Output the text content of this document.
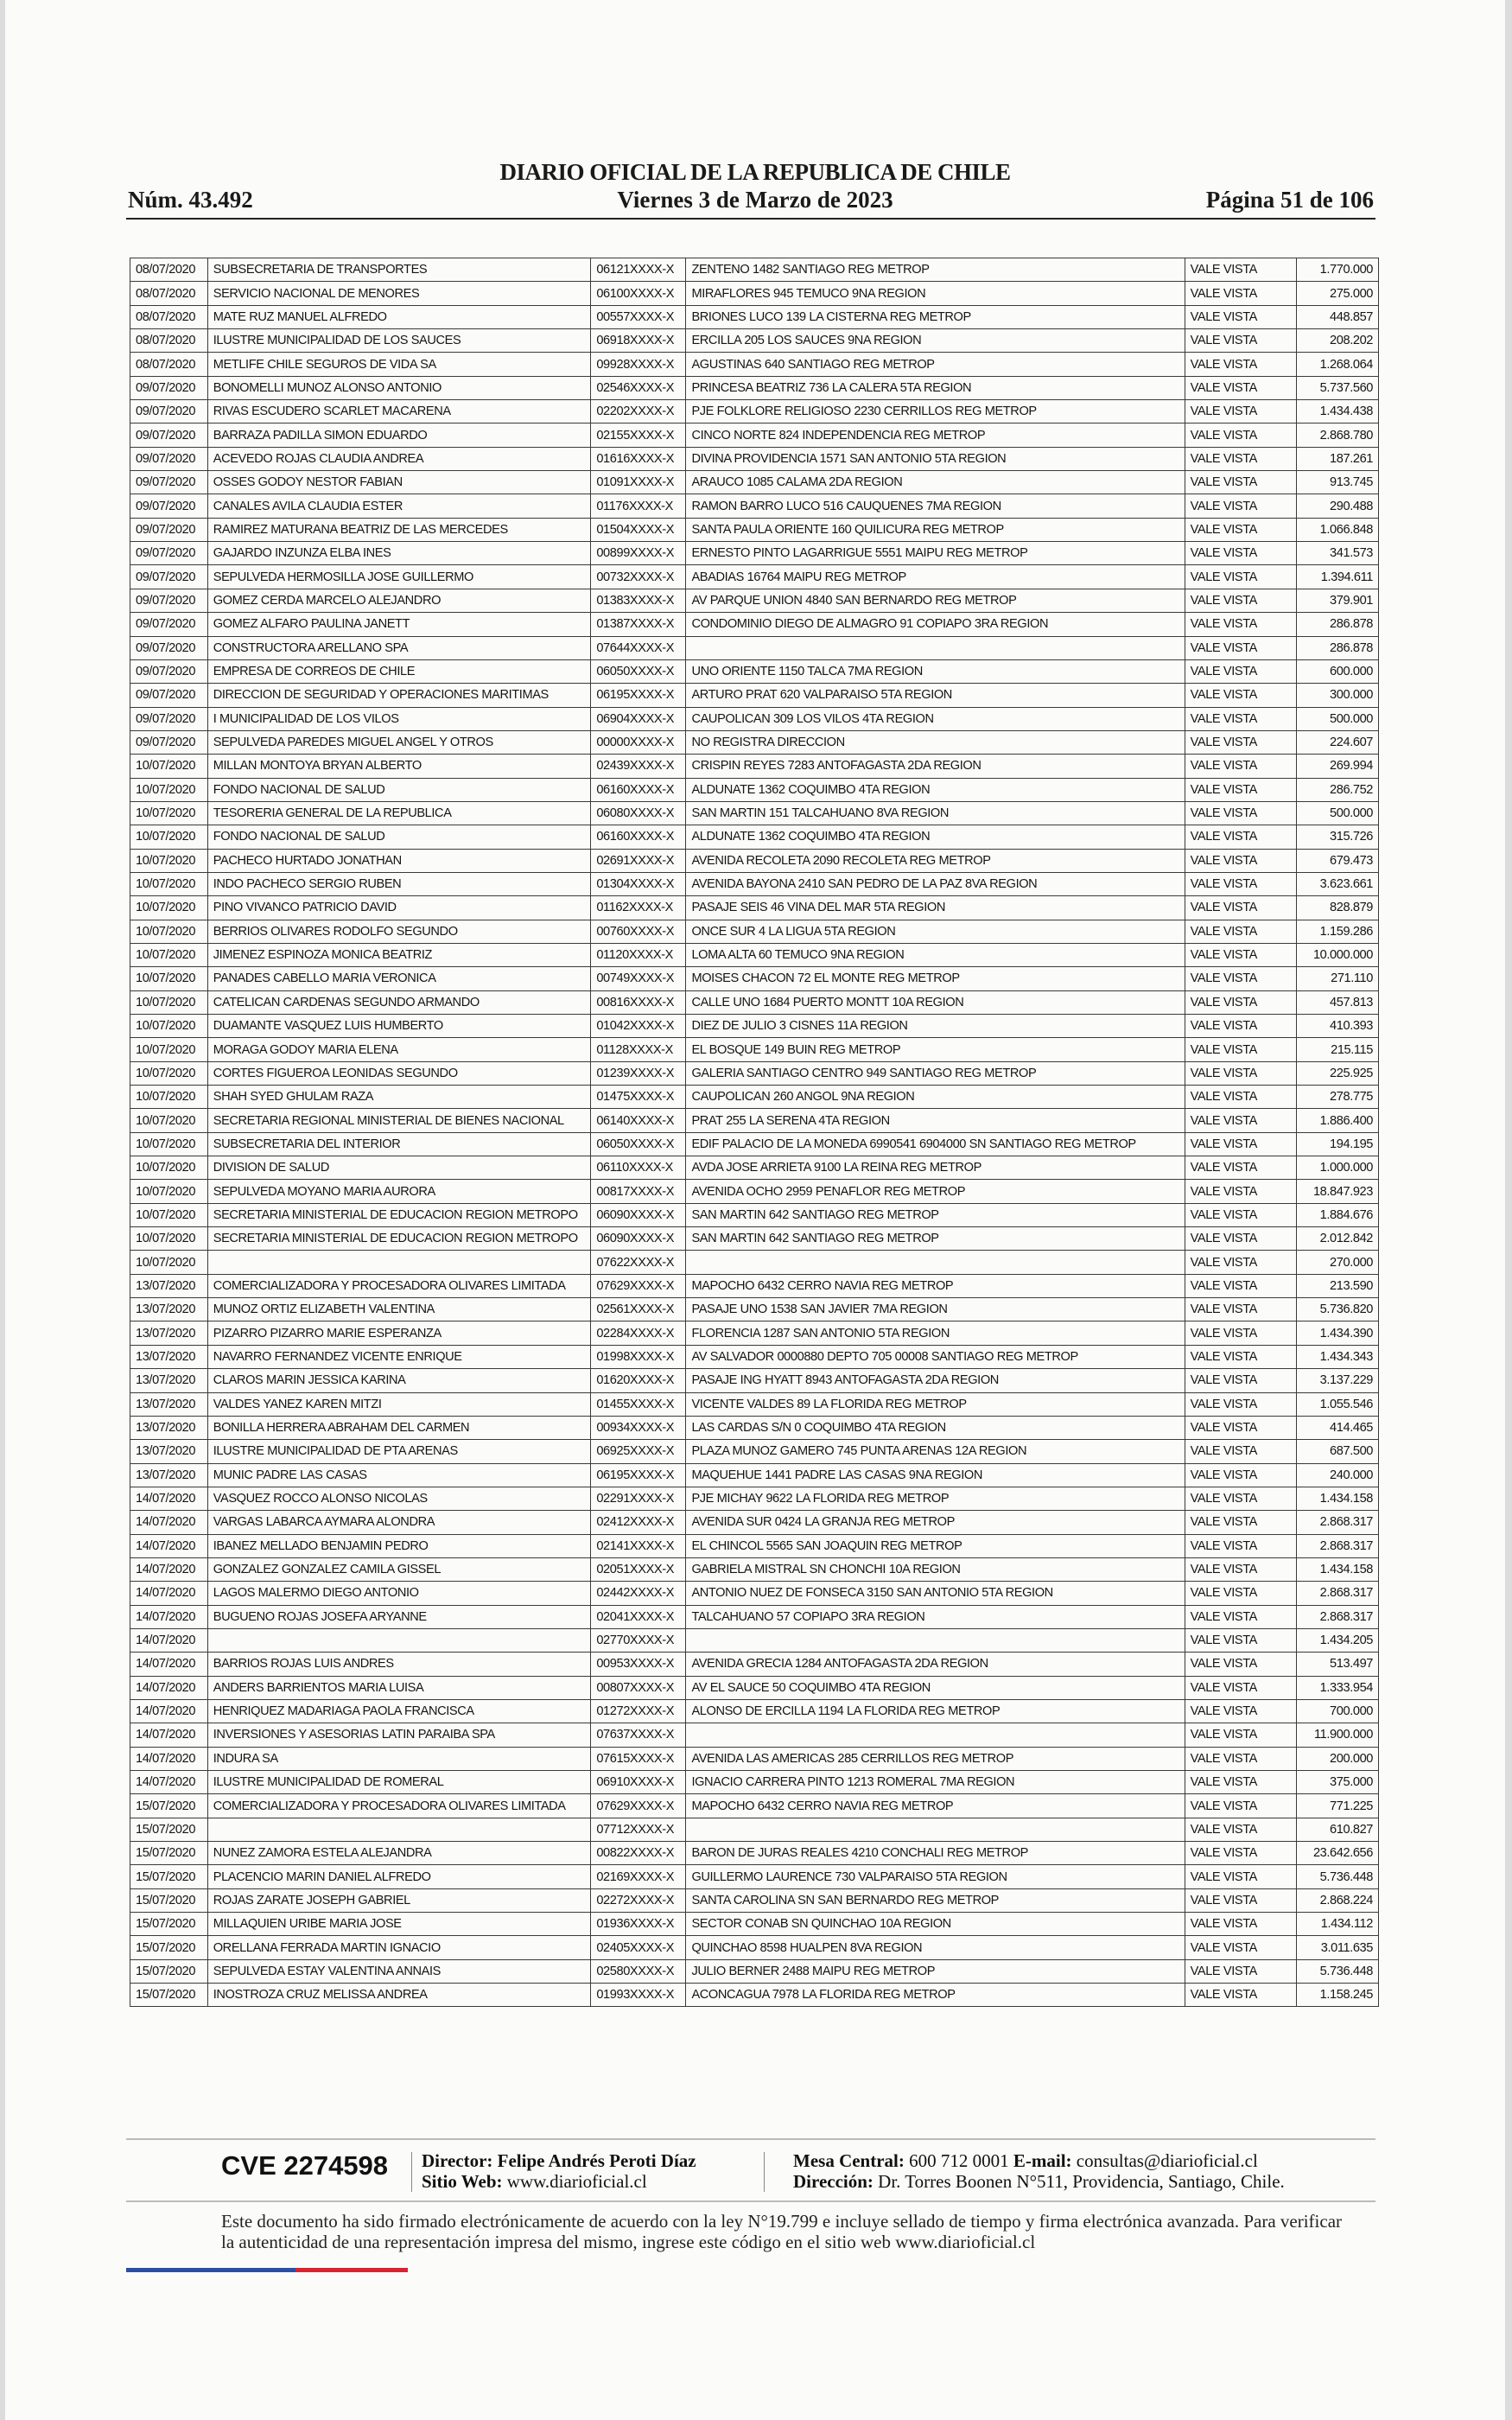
DIARIO OFICIAL DE LA REPUBLICA DE CHILE
Núm. 43.492	Viernes 3 de Marzo de 2023	Página 51 de 106
08/07/2020	SUBSECRETARIA DE TRANSPORTES	06121XXXX-X	ZENTENO 1482 SANTIAGO REG METROP	VALE VISTA	1.770.000
08/07/2020	SERVICIO NACIONAL DE MENORES	06100XXXX-X	MIRAFLORES 945 TEMUCO 9NA REGION	VALE VISTA	275.000
08/07/2020	MATE RUZ MANUEL ALFREDO	00557XXXX-X	BRIONES LUCO 139 LA CISTERNA REG METROP	VALE VISTA	448.857
08/07/2020	ILUSTRE MUNICIPALIDAD DE LOS SAUCES	06918XXXX-X	ERCILLA 205 LOS SAUCES 9NA REGION	VALE VISTA	208.202
08/07/2020	METLIFE CHILE SEGUROS DE VIDA SA	09928XXXX-X	AGUSTINAS 640 SANTIAGO REG METROP	VALE VISTA	1.268.064
09/07/2020	BONOMELLI MUNOZ ALONSO ANTONIO	02546XXXX-X	PRINCESA BEATRIZ 736 LA CALERA 5TA REGION	VALE VISTA	5.737.560
09/07/2020	RIVAS ESCUDERO SCARLET MACARENA	02202XXXX-X	PJE FOLKLORE RELIGIOSO 2230 CERRILLOS REG METROP	VALE VISTA	1.434.438
09/07/2020	BARRAZA PADILLA SIMON EDUARDO	02155XXXX-X	CINCO NORTE 824 INDEPENDENCIA REG METROP	VALE VISTA	2.868.780
09/07/2020	ACEVEDO ROJAS CLAUDIA ANDREA	01616XXXX-X	DIVINA PROVIDENCIA 1571 SAN ANTONIO 5TA REGION	VALE VISTA	187.261
09/07/2020	OSSES GODOY NESTOR FABIAN	01091XXXX-X	ARAUCO 1085 CALAMA 2DA REGION	VALE VISTA	913.745
09/07/2020	CANALES AVILA CLAUDIA ESTER	01176XXXX-X	RAMON BARRO LUCO 516 CAUQUENES 7MA REGION	VALE VISTA	290.488
09/07/2020	RAMIREZ MATURANA BEATRIZ DE LAS MERCEDES	01504XXXX-X	SANTA PAULA ORIENTE 160 QUILICURA REG METROP	VALE VISTA	1.066.848
09/07/2020	GAJARDO INZUNZA ELBA INES	00899XXXX-X	ERNESTO PINTO LAGARRIGUE 5551 MAIPU REG METROP	VALE VISTA	341.573
09/07/2020	SEPULVEDA HERMOSILLA JOSE GUILLERMO	00732XXXX-X	ABADIAS 16764 MAIPU REG METROP	VALE VISTA	1.394.611
09/07/2020	GOMEZ CERDA MARCELO ALEJANDRO	01383XXXX-X	AV PARQUE UNION 4840 SAN BERNARDO REG METROP	VALE VISTA	379.901
09/07/2020	GOMEZ ALFARO PAULINA JANETT	01387XXXX-X	CONDOMINIO DIEGO DE ALMAGRO 91 COPIAPO 3RA REGION	VALE VISTA	286.878
09/07/2020	CONSTRUCTORA ARELLANO SPA	07644XXXX-X		VALE VISTA	286.878
09/07/2020	EMPRESA DE CORREOS DE CHILE	06050XXXX-X	UNO ORIENTE 1150 TALCA 7MA REGION	VALE VISTA	600.000
09/07/2020	DIRECCION DE SEGURIDAD Y OPERACIONES MARITIMAS	06195XXXX-X	ARTURO PRAT 620 VALPARAISO 5TA REGION	VALE VISTA	300.000
09/07/2020	I MUNICIPALIDAD DE LOS VILOS	06904XXXX-X	CAUPOLICAN 309 LOS VILOS 4TA REGION	VALE VISTA	500.000
09/07/2020	SEPULVEDA PAREDES MIGUEL ANGEL Y OTROS	00000XXXX-X	NO REGISTRA DIRECCION	VALE VISTA	224.607
10/07/2020	MILLAN MONTOYA BRYAN ALBERTO	02439XXXX-X	CRISPIN REYES 7283 ANTOFAGASTA 2DA REGION	VALE VISTA	269.994
10/07/2020	FONDO NACIONAL DE SALUD	06160XXXX-X	ALDUNATE 1362 COQUIMBO 4TA REGION	VALE VISTA	286.752
10/07/2020	TESORERIA GENERAL DE LA REPUBLICA	06080XXXX-X	SAN MARTIN 151 TALCAHUANO 8VA REGION	VALE VISTA	500.000
10/07/2020	FONDO NACIONAL DE SALUD	06160XXXX-X	ALDUNATE 1362 COQUIMBO 4TA REGION	VALE VISTA	315.726
10/07/2020	PACHECO HURTADO JONATHAN	02691XXXX-X	AVENIDA RECOLETA 2090 RECOLETA REG METROP	VALE VISTA	679.473
10/07/2020	INDO PACHECO SERGIO RUBEN	01304XXXX-X	AVENIDA BAYONA 2410 SAN PEDRO DE LA PAZ 8VA REGION	VALE VISTA	3.623.661
10/07/2020	PINO VIVANCO PATRICIO DAVID	01162XXXX-X	PASAJE SEIS 46 VINA DEL MAR 5TA REGION	VALE VISTA	828.879
10/07/2020	BERRIOS OLIVARES RODOLFO SEGUNDO	00760XXXX-X	ONCE SUR 4 LA LIGUA 5TA REGION	VALE VISTA	1.159.286
10/07/2020	JIMENEZ ESPINOZA MONICA BEATRIZ	01120XXXX-X	LOMA ALTA 60 TEMUCO 9NA REGION	VALE VISTA	10.000.000
10/07/2020	PANADES CABELLO MARIA VERONICA	00749XXXX-X	MOISES CHACON 72 EL MONTE REG METROP	VALE VISTA	271.110
10/07/2020	CATELICAN CARDENAS SEGUNDO ARMANDO	00816XXXX-X	CALLE UNO 1684 PUERTO MONTT 10A REGION	VALE VISTA	457.813
10/07/2020	DUAMANTE VASQUEZ LUIS HUMBERTO	01042XXXX-X	DIEZ DE JULIO 3 CISNES 11A REGION	VALE VISTA	410.393
10/07/2020	MORAGA GODOY MARIA ELENA	01128XXXX-X	EL BOSQUE 149 BUIN REG METROP	VALE VISTA	215.115
10/07/2020	CORTES FIGUEROA LEONIDAS SEGUNDO	01239XXXX-X	GALERIA SANTIAGO CENTRO 949 SANTIAGO REG METROP	VALE VISTA	225.925
10/07/2020	SHAH SYED GHULAM RAZA	01475XXXX-X	CAUPOLICAN 260 ANGOL 9NA REGION	VALE VISTA	278.775
10/07/2020	SECRETARIA REGIONAL MINISTERIAL DE BIENES NACIONAL	06140XXXX-X	PRAT 255 LA SERENA 4TA REGION	VALE VISTA	1.886.400
10/07/2020	SUBSECRETARIA DEL INTERIOR	06050XXXX-X	EDIF PALACIO DE LA MONEDA 6990541 6904000 SN SANTIAGO REG METROP	VALE VISTA	194.195
10/07/2020	DIVISION DE SALUD	06110XXXX-X	AVDA JOSE ARRIETA 9100 LA REINA REG METROP	VALE VISTA	1.000.000
10/07/2020	SEPULVEDA MOYANO MARIA AURORA	00817XXXX-X	AVENIDA OCHO 2959 PENAFLOR REG METROP	VALE VISTA	18.847.923
10/07/2020	SECRETARIA MINISTERIAL DE EDUCACION REGION METROPO	06090XXXX-X	SAN MARTIN 642 SANTIAGO REG METROP	VALE VISTA	1.884.676
10/07/2020	SECRETARIA MINISTERIAL DE EDUCACION REGION METROPO	06090XXXX-X	SAN MARTIN 642 SANTIAGO REG METROP	VALE VISTA	2.012.842
10/07/2020		07622XXXX-X		VALE VISTA	270.000
13/07/2020	COMERCIALIZADORA Y PROCESADORA OLIVARES LIMITADA	07629XXXX-X	MAPOCHO 6432 CERRO NAVIA REG METROP	VALE VISTA	213.590
13/07/2020	MUNOZ ORTIZ ELIZABETH VALENTINA	02561XXXX-X	PASAJE UNO 1538 SAN JAVIER 7MA REGION	VALE VISTA	5.736.820
13/07/2020	PIZARRO PIZARRO MARIE ESPERANZA	02284XXXX-X	FLORENCIA 1287 SAN ANTONIO 5TA REGION	VALE VISTA	1.434.390
13/07/2020	NAVARRO FERNANDEZ VICENTE ENRIQUE	01998XXXX-X	AV SALVADOR 0000880 DEPTO 705 00008 SANTIAGO REG METROP	VALE VISTA	1.434.343
13/07/2020	CLAROS MARIN JESSICA KARINA	01620XXXX-X	PASAJE ING HYATT 8943 ANTOFAGASTA 2DA REGION	VALE VISTA	3.137.229
13/07/2020	VALDES YANEZ KAREN MITZI	01455XXXX-X	VICENTE VALDES 89 LA FLORIDA REG METROP	VALE VISTA	1.055.546
13/07/2020	BONILLA HERRERA ABRAHAM DEL CARMEN	00934XXXX-X	LAS CARDAS S/N 0 COQUIMBO 4TA REGION	VALE VISTA	414.465
13/07/2020	ILUSTRE MUNICIPALIDAD DE PTA ARENAS	06925XXXX-X	PLAZA MUNOZ GAMERO 745 PUNTA ARENAS 12A REGION	VALE VISTA	687.500
13/07/2020	MUNIC PADRE LAS CASAS	06195XXXX-X	MAQUEHUE 1441 PADRE LAS CASAS 9NA REGION	VALE VISTA	240.000
14/07/2020	VASQUEZ ROCCO ALONSO NICOLAS	02291XXXX-X	PJE MICHAY 9622 LA FLORIDA REG METROP	VALE VISTA	1.434.158
14/07/2020	VARGAS LABARCA AYMARA ALONDRA	02412XXXX-X	AVENIDA SUR 0424 LA GRANJA REG METROP	VALE VISTA	2.868.317
14/07/2020	IBANEZ MELLADO BENJAMIN PEDRO	02141XXXX-X	EL CHINCOL 5565 SAN JOAQUIN REG METROP	VALE VISTA	2.868.317
14/07/2020	GONZALEZ GONZALEZ CAMILA GISSEL	02051XXXX-X	GABRIELA MISTRAL SN CHONCHI 10A REGION	VALE VISTA	1.434.158
14/07/2020	LAGOS MALERMO DIEGO ANTONIO	02442XXXX-X	ANTONIO NUEZ DE FONSECA 3150 SAN ANTONIO 5TA REGION	VALE VISTA	2.868.317
14/07/2020	BUGUENO ROJAS JOSEFA ARYANNE	02041XXXX-X	TALCAHUANO 57 COPIAPO 3RA REGION	VALE VISTA	2.868.317
14/07/2020		02770XXXX-X		VALE VISTA	1.434.205
14/07/2020	BARRIOS ROJAS LUIS ANDRES	00953XXXX-X	AVENIDA GRECIA 1284 ANTOFAGASTA 2DA REGION	VALE VISTA	513.497
14/07/2020	ANDERS BARRIENTOS MARIA LUISA	00807XXXX-X	AV EL SAUCE 50 COQUIMBO 4TA REGION	VALE VISTA	1.333.954
14/07/2020	HENRIQUEZ MADARIAGA PAOLA FRANCISCA	01272XXXX-X	ALONSO DE ERCILLA 1194 LA FLORIDA REG METROP	VALE VISTA	700.000
14/07/2020	INVERSIONES Y ASESORIAS LATIN PARAIBA SPA	07637XXXX-X		VALE VISTA	11.900.000
14/07/2020	INDURA SA	07615XXXX-X	AVENIDA LAS AMERICAS 285 CERRILLOS REG METROP	VALE VISTA	200.000
14/07/2020	ILUSTRE MUNICIPALIDAD DE ROMERAL	06910XXXX-X	IGNACIO CARRERA PINTO 1213 ROMERAL 7MA REGION	VALE VISTA	375.000
15/07/2020	COMERCIALIZADORA Y PROCESADORA OLIVARES LIMITADA	07629XXXX-X	MAPOCHO 6432 CERRO NAVIA REG METROP	VALE VISTA	771.225
15/07/2020		07712XXXX-X		VALE VISTA	610.827
15/07/2020	NUNEZ ZAMORA ESTELA ALEJANDRA	00822XXXX-X	BARON DE JURAS REALES 4210 CONCHALI REG METROP	VALE VISTA	23.642.656
15/07/2020	PLACENCIO MARIN DANIEL ALFREDO	02169XXXX-X	GUILLERMO LAURENCE 730 VALPARAISO 5TA REGION	VALE VISTA	5.736.448
15/07/2020	ROJAS ZARATE JOSEPH GABRIEL	02272XXXX-X	SANTA CAROLINA SN SAN BERNARDO REG METROP	VALE VISTA	2.868.224
15/07/2020	MILLAQUIEN URIBE MARIA JOSE	01936XXXX-X	SECTOR CONAB SN QUINCHAO 10A REGION	VALE VISTA	1.434.112
15/07/2020	ORELLANA FERRADA MARTIN IGNACIO	02405XXXX-X	QUINCHAO 8598 HUALPEN 8VA REGION	VALE VISTA	3.011.635
15/07/2020	SEPULVEDA ESTAY VALENTINA ANNAIS	02580XXXX-X	JULIO BERNER 2488 MAIPU REG METROP	VALE VISTA	5.736.448
15/07/2020	INOSTROZA CRUZ MELISSA ANDREA	01993XXXX-X	ACONCAGUA 7978 LA FLORIDA REG METROP	VALE VISTA	1.158.245
CVE 2274598 Director: Felipe Andrés Peroti Díaz
Sitio Web: www.diarioficial.cl
Mesa Central: 600 712 0001 E-mail: consultas@diarioficial.cl
Dirección: Dr. Torres Boonen N°511, Providencia, Santiago, Chile.
Este documento ha sido firmado electrónicamente de acuerdo con la ley N°19.799 e incluye sellado de tiempo y firma electrónica avanzada. Para verificar la autenticidad de una representación impresa del mismo, ingrese este código en el sitio web www.diarioficial.cl
